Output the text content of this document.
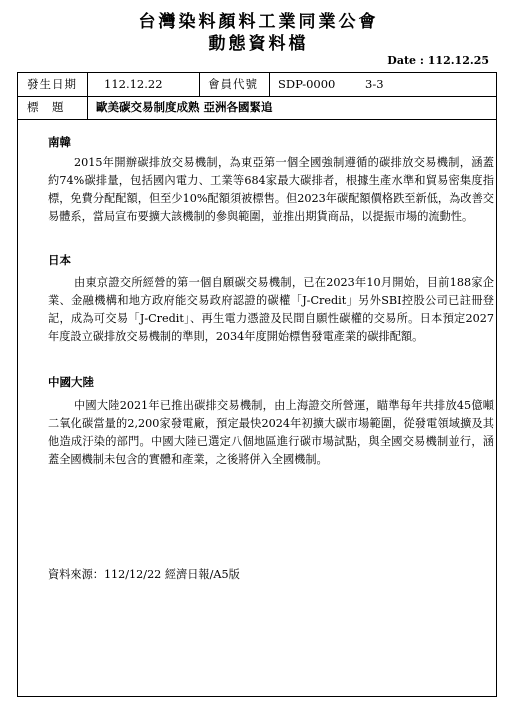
台灣染料顏料工業同業公會
動態資料檔
Date : 112.12.25
發生日期	112.12.22	會員代號	SDP-0000 3-3
標　題	歐美碳交易制度成熟 亞洲各國緊追
南韓
2015年開辦碳排放交易機制，為東亞第一個全國強制遵循的碳排放交易機制，涵蓋約74%碳排量，包括國內電力、工業等684家最大碳排者，根據生產水準和貿易密集度指標，免費分配配額，但至少10%配額須被標售。但2023年碳配額價格跌至新低，為改善交易體系，當局宣布要擴大該機制的參與範圍，並推出期貨商品，以提振市場的流動性。
日本
由東京證交所經營的第一個自願碳交易機制，已在2023年10月開始，目前188家企業、金融機構和地方政府能交易政府認證的碳權「J-Credit」另外SBI控股公司已註冊登記，成為可交易「J-Credit」、再生電力憑證及民間自願性碳權的交易所。日本預定2027年度設立碳排放交易機制的準則，2034年度開始標售發電產業的碳排配額。
中國大陸
中國大陸2021年已推出碳排交易機制，由上海證交所營運，瞄準每年共排放45億噸二氧化碳當量的2,200家發電廠，預定最快2024年初擴大碳市場範圍，從發電領域擴及其他造成汙染的部門。中國大陸已選定八個地區進行碳市場試點，與全國交易機制並行，涵蓋全國機制未包含的實體和產業，之後將併入全國機制。
資料來源：112/12/22 經濟日報/A5版
